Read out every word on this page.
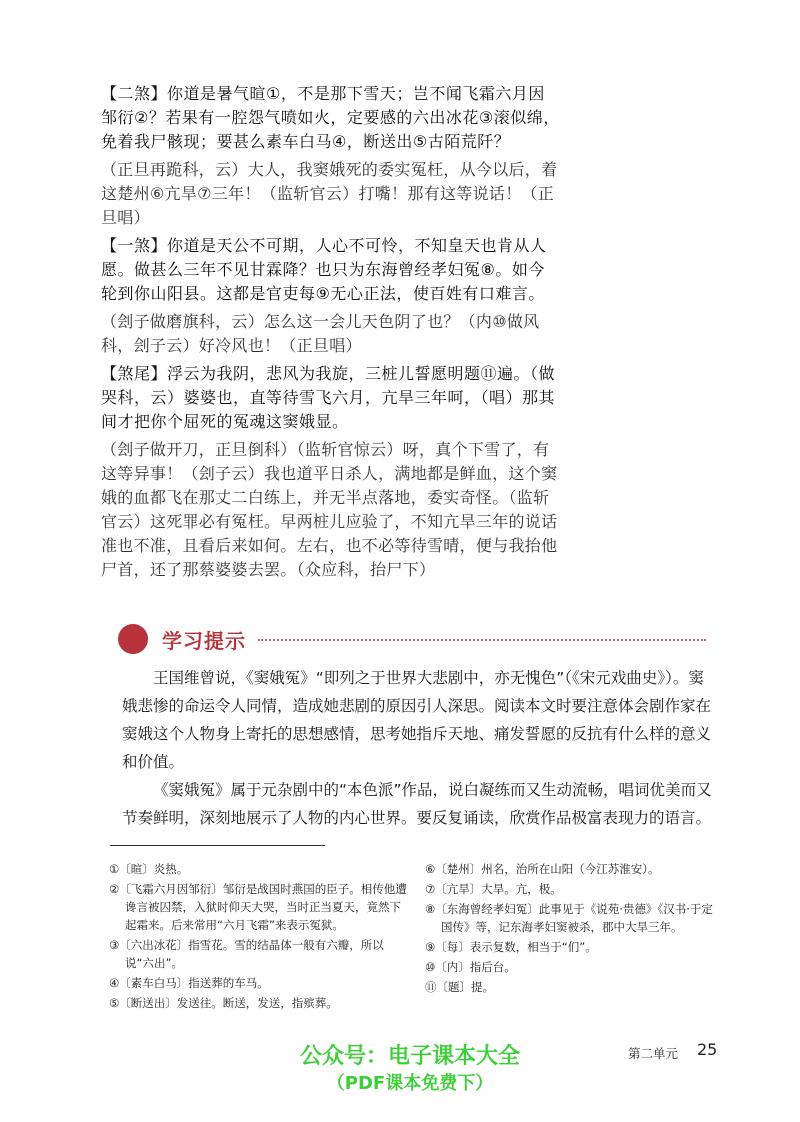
【二煞】你道是暑气暄①，不是那下雪天；岂不闻飞霜六月因邹衍②？若果有一腔怨气喷如火，定要感的六出冰花③滚似绵，免着我尸骸现；要甚么素车白马④，断送出⑤古陌荒阡？

（正旦再跪科，云）大人，我窦娥死的委实冤枉，从今以后，着这楚州⑥亢旱⑦三年！（监斩官云）打嘴！那有这等说话！（正旦唱）

【一煞】你道是天公不可期，人心不可怜，不知皇天也肯从人愿。做甚么三年不见甘霖降？也只为东海曾经孝妇冤⑧。如今轮到你山阳县。这都是官吏每⑨无心正法，使百姓有口难言。

（刽子做磨旗科，云）怎么这一会儿天色阴了也？（内⑩做风科，刽子云）好冷风也！（正旦唱）

【煞尾】浮云为我阴，悲风为我旋，三桩儿誓愿明题⑪遍。（做哭科，云）婆婆也，直等待雪飞六月，亢旱三年呵，（唱）那其间才把你个屈死的冤魂这窦娥显。

（刽子做开刀，正旦倒科）（监斩官惊云）呀，真个下雪了，有这等异事！（刽子云）我也道平日杀人，满地都是鲜血，这个窦娥的血都飞在那丈二白练上，并无半点落地，委实奇怪。（监斩官云）这死罪必有冤枉。早两桩儿应验了，不知亢旱三年的说话准也不准，且看后来如何。左右，也不必等待雪晴，便与我抬他尸首，还了那蔡婆婆去罢。（众应科，抬尸下）

学习提示

王国维曾说，《窦娥冤》“即列之于世界大悲剧中，亦无愧色”（《宋元戏曲史》）。窦娥悲惨的命运令人同情，造成她悲剧的原因引人深思。阅读本文时要注意体会剧作家在窦娥这个人物身上寄托的思想感情，思考她指斥天地、痛发誓愿的反抗有什么样的意义和价值。

《窦娥冤》属于元杂剧中的“本色派”作品，说白凝练而又生动流畅，唱词优美而又节奏鲜明，深刻地展示了人物的内心世界。要反复诵读，欣赏作品极富表现力的语言。

①〔暄〕炎热。

②〔飞霜六月因邹衍〕邹衍是战国时燕国的臣子。相传他遭谗言被囚禁，入狱时仰天大哭，当时正当夏天，竟然下起霜来。后来常用“六月飞霜”来表示冤狱。

③〔六出冰花〕指雪花。雪的结晶体一般有六瓣，所以说“六出”。

④〔素车白马〕指送葬的车马。

⑤〔断送出〕发送往。断送，发送，指殡葬。

⑥〔楚州〕州名，治所在山阳（今江苏淮安）。

⑦〔亢旱〕大旱。亢，极。

⑧〔东海曾经孝妇冤〕此事见于《说苑·贵德》《汉书·于定国传》等，记东海孝妇窦被杀，郡中大旱三年。

⑨〔每〕表示复数，相当于“们”。

⑩〔内〕指后台。

⑪〔题〕提。

公众号：电子课本大全
（PDF课本免费下）
第二单元 25
